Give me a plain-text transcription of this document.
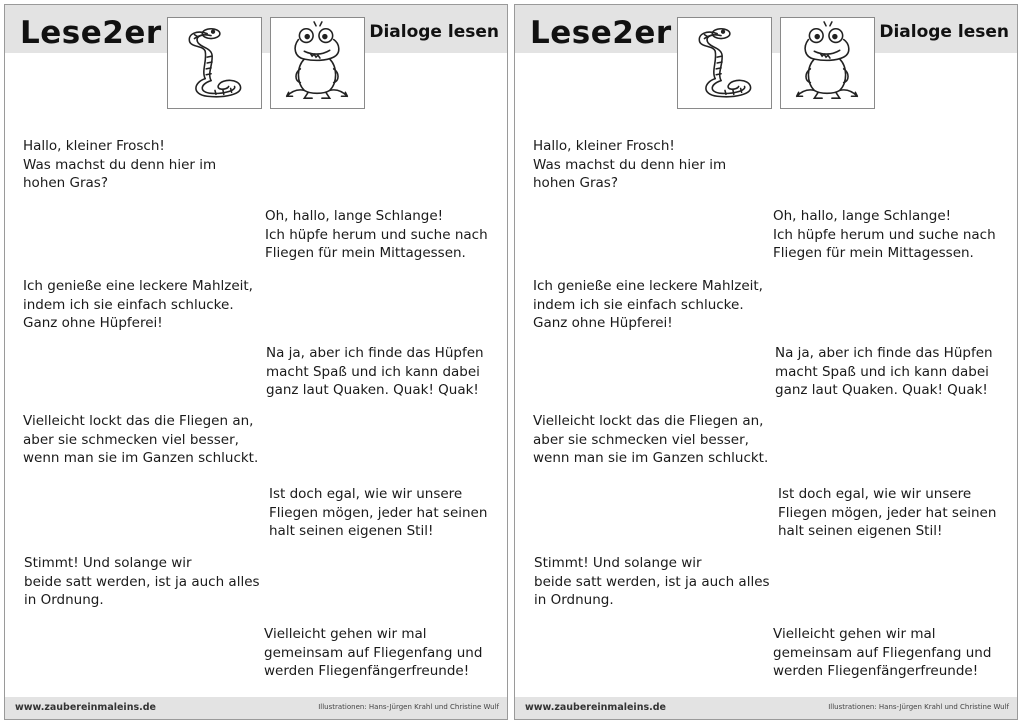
Lese2er	Dialoge lesen
Hallo, kleiner Frosch!
Was machst du denn hier im
hohen Gras?
Oh, hallo, lange Schlange!
Ich hüpfe herum und suche nach
Fliegen für mein Mittagessen.
Ich genieße eine leckere Mahlzeit,
indem ich sie einfach schlucke.
Ganz ohne Hüpferei!
Na ja, aber ich finde das Hüpfen
macht Spaß und ich kann dabei
ganz laut Quaken. Quak! Quak!
Vielleicht lockt das die Fliegen an,
aber sie schmecken viel besser,
wenn man sie im Ganzen schluckt.
Ist doch egal, wie wir unsere
Fliegen mögen, jeder hat seinen
halt seinen eigenen Stil!
Stimmt! Und solange wir
beide satt werden, ist ja auch alles
in Ordnung.
Vielleicht gehen wir mal
gemeinsam auf Fliegenfang und
werden Fliegenfängerfreunde!
www.zaubereinmaleins.de	Illustrationen: Hans-Jürgen Krahl und Christine Wulf
Lese2er	Dialoge lesen
Hallo, kleiner Frosch!
Was machst du denn hier im
hohen Gras?
Oh, hallo, lange Schlange!
Ich hüpfe herum und suche nach
Fliegen für mein Mittagessen.
Ich genieße eine leckere Mahlzeit,
indem ich sie einfach schlucke.
Ganz ohne Hüpferei!
Na ja, aber ich finde das Hüpfen
macht Spaß und ich kann dabei
ganz laut Quaken. Quak! Quak!
Vielleicht lockt das die Fliegen an,
aber sie schmecken viel besser,
wenn man sie im Ganzen schluckt.
Ist doch egal, wie wir unsere
Fliegen mögen, jeder hat seinen
halt seinen eigenen Stil!
Stimmt! Und solange wir
beide satt werden, ist ja auch alles
in Ordnung.
Vielleicht gehen wir mal
gemeinsam auf Fliegenfang und
werden Fliegenfängerfreunde!
www.zaubereinmaleins.de	Illustrationen: Hans-Jürgen Krahl und Christine Wulf
